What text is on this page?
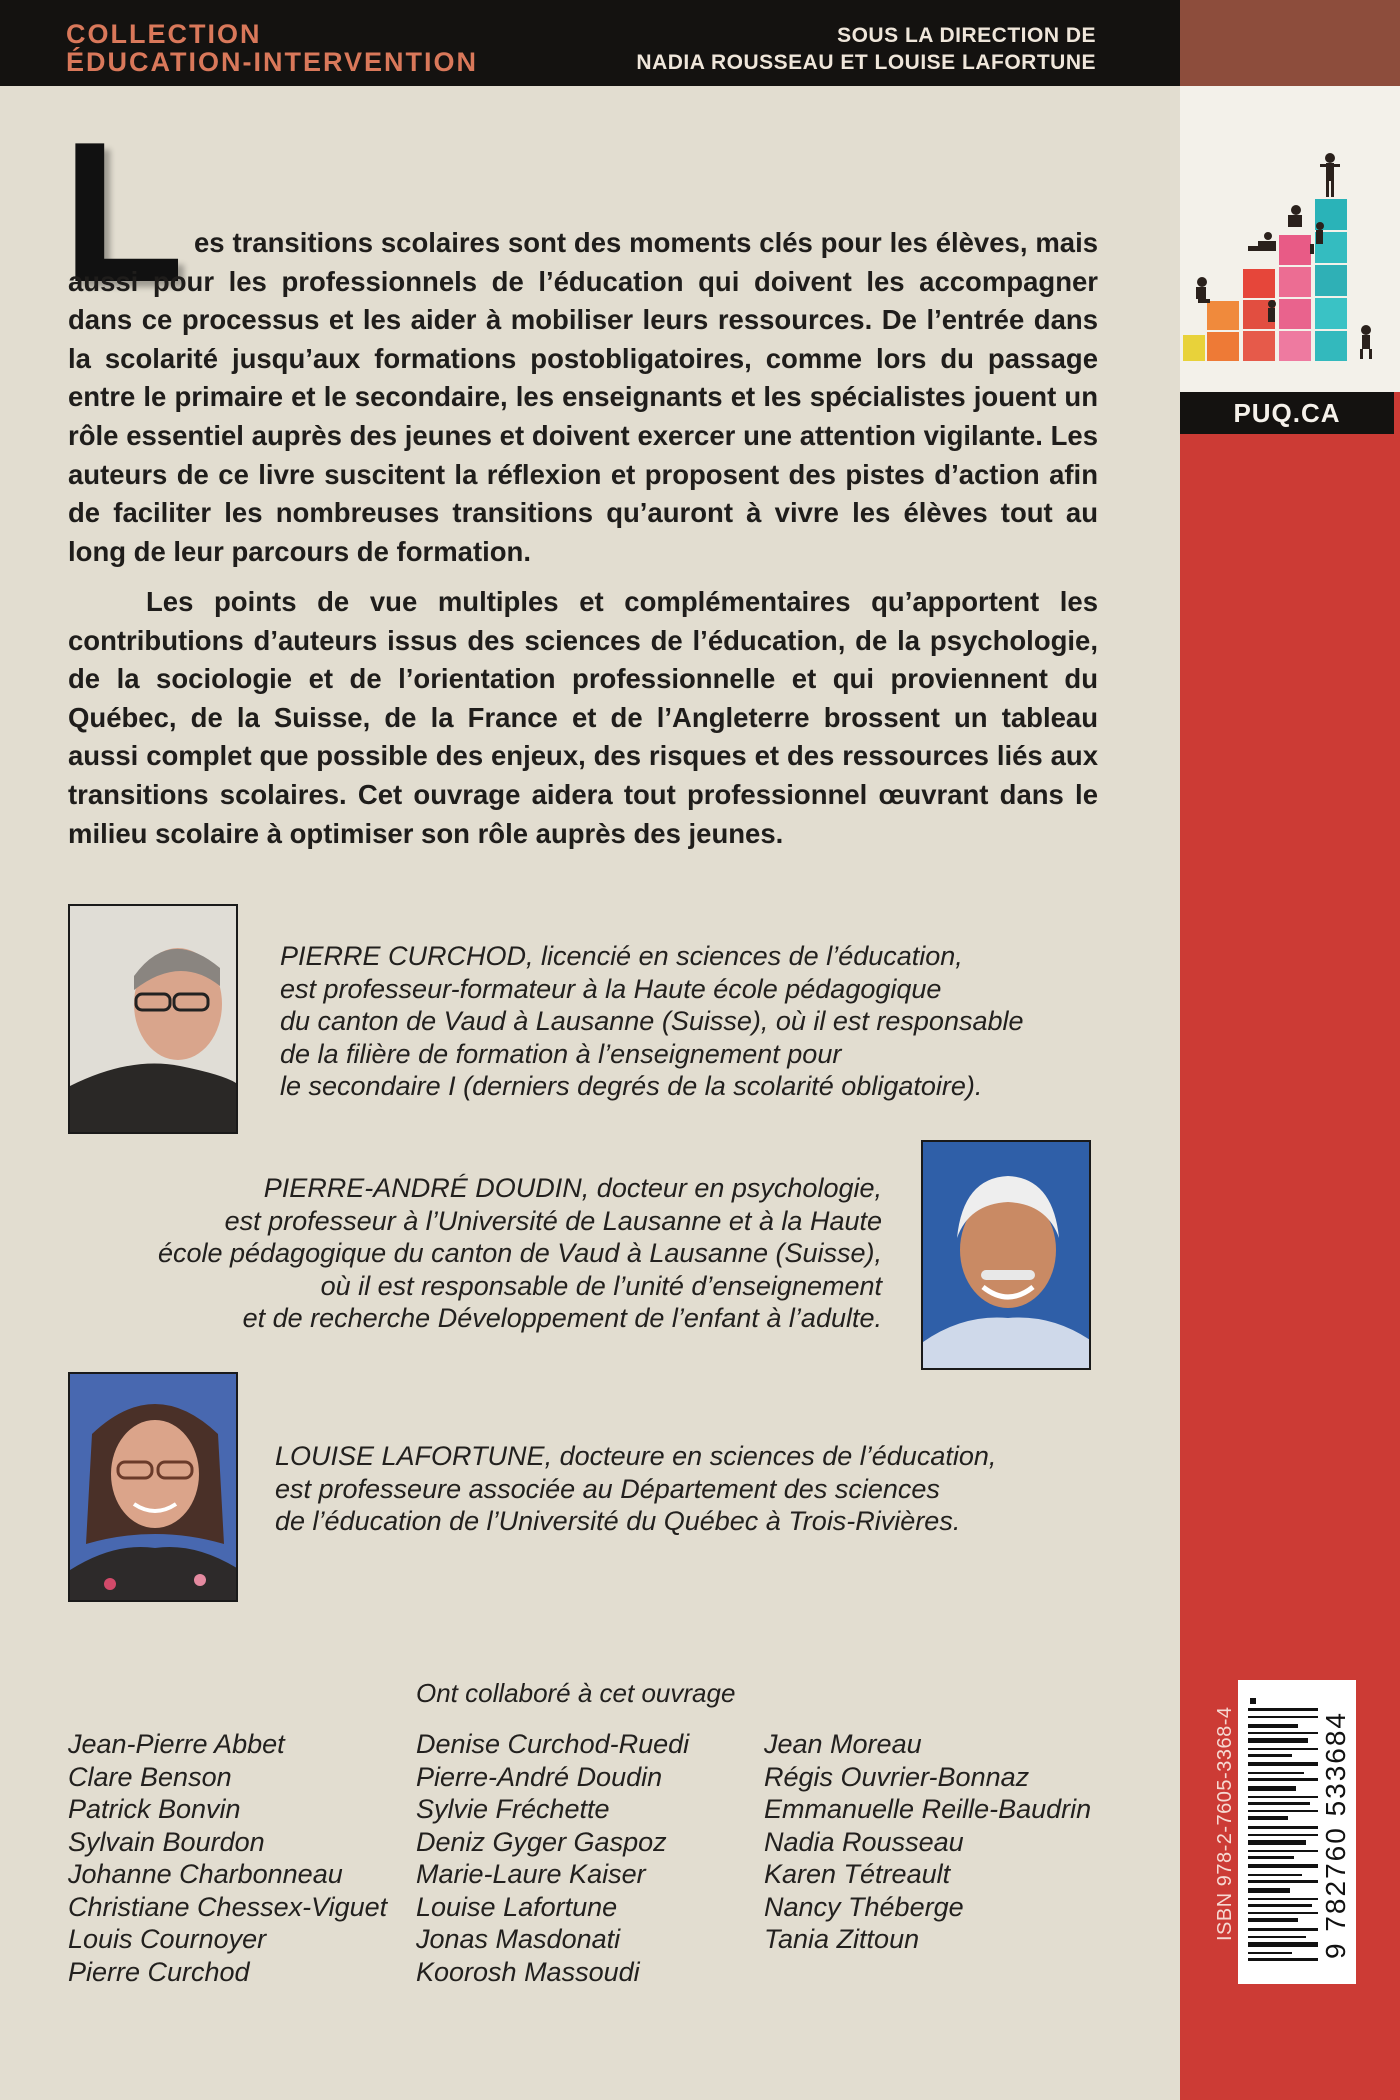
COLLECTION
ÉDUCATION-INTERVENTION
SOUS LA DIRECTION DE
NADIA ROUSSEAU ET LOUISE LAFORTUNE
PUQ.CA
ISBN 978-2-7605-3368-4	9 782760 533684
L es transitions scolaires sont des moments clés pour les élèves, mais aussi pour les professionnels de l’éducation qui doivent les accompagner dans ce processus et les aider à mobiliser leurs ressources. De l’entrée dans la scolarité jusqu’aux formations postobligatoires, comme lors du passage entre le primaire et le secondaire, les enseignants et les spécialistes jouent un rôle essentiel auprès des jeunes et doivent exercer une attention vigilante. Les auteurs de ce livre suscitent la réflexion et proposent des pistes d’action afin de faciliter les nombreuses transitions qu’auront à vivre les élèves tout au long de leur parcours de formation.

Les points de vue multiples et complémentaires qu’apportent les contributions d’auteurs issus des sciences de l’éducation, de la psychologie, de la sociologie et de l’orientation professionnelle et qui proviennent du Québec, de la Suisse, de la France et de l’Angleterre brossent un tableau aussi complet que possible des enjeux, des risques et des ressources liés aux transitions scolaires. Cet ouvrage aidera tout professionnel œuvrant dans le milieu scolaire à optimiser son rôle auprès des jeunes.

PIERRE CURCHOD, licencié en sciences de l’éducation,
est professeur-formateur à la Haute école pédagogique
du canton de Vaud à Lausanne (Suisse), où il est responsable
de la filière de formation à l’enseignement pour
le secondaire I (derniers degrés de la scolarité obligatoire).
PIERRE-ANDRÉ DOUDIN, docteur en psychologie,
est professeur à l’Université de Lausanne et à la Haute
école pédagogique du canton de Vaud à Lausanne (Suisse),
où il est responsable de l’unité d’enseignement
et de recherche Développement de l’enfant à l’adulte.
LOUISE LAFORTUNE, docteure en sciences de l’éducation,
est professeure associée au Département des sciences
de l’éducation de l’Université du Québec à Trois-Rivières.
Ont collaboré à cet ouvrage
Jean-Pierre Abbet
Clare Benson
Patrick Bonvin
Sylvain Bourdon
Johanne Charbonneau
Christiane Chessex-Viguet
Louis Cournoyer
Pierre Curchod
Denise Curchod-Ruedi
Pierre-André Doudin
Sylvie Fréchette
Deniz Gyger Gaspoz
Marie-Laure Kaiser
Louise Lafortune
Jonas Masdonati
Koorosh Massoudi
Jean Moreau
Régis Ouvrier-Bonnaz
Emmanuelle Reille-Baudrin
Nadia Rousseau
Karen Tétreault
Nancy Théberge
Tania Zittoun
